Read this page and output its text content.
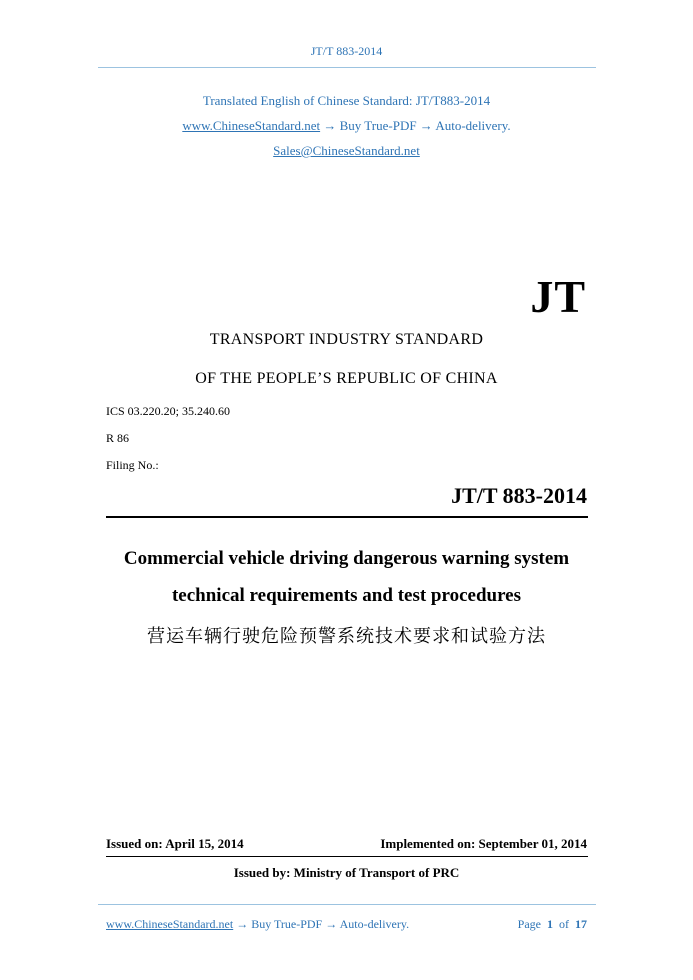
JT/T 883-2014
Translated English of Chinese Standard: JT/T883-2014
www.ChineseStandard.net → Buy True-PDF → Auto-delivery.
Sales@ChineseStandard.net
JT
TRANSPORT INDUSTRY STANDARD
OF THE PEOPLE’S REPUBLIC OF CHINA
ICS 03.220.20; 35.240.60
R 86
Filing No.:
JT/T 883-2014
Commercial vehicle driving dangerous warning system
technical requirements and test procedures
营运车辆行驶危险预警系统技术要求和试验方法
Issued on: April 15, 2014	Implemented on: September 01, 2014
Issued by: Ministry of Transport of PRC
www.ChineseStandard.net → Buy True-PDF → Auto-delivery.	Page 1 of 17
